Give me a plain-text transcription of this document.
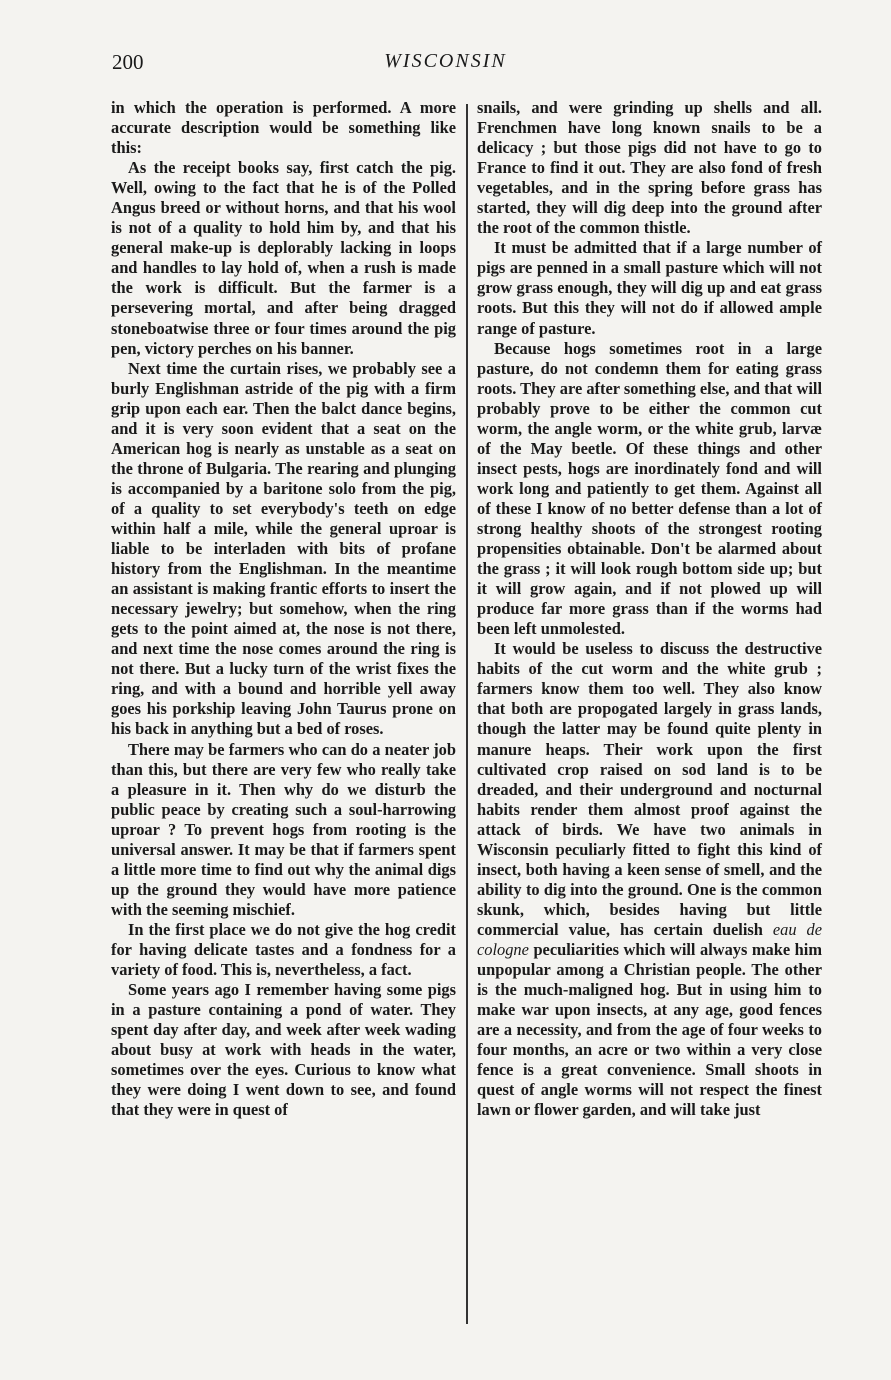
200	WISCONSIN

in which the operation is performed. A more accurate description would be something like this:

As the receipt books say, first catch the pig. Well, owing to the fact that he is of the Polled Angus breed or without horns, and that his wool is not of a quality to hold him by, and that his general make-up is deplorably lacking in loops and handles to lay hold of, when a rush is made the work is difficult. But the farmer is a persevering mortal, and after being dragged stoneboatwise three or four times around the pig pen, victory perches on his banner.

Next time the curtain rises, we probably see a burly Englishman astride of the pig with a firm grip upon each ear. Then the balct dance begins, and it is very soon evident that a seat on the American hog is nearly as unstable as a seat on the throne of Bulgaria. The rearing and plunging is accompanied by a baritone solo from the pig, of a quality to set everybody's teeth on edge within half a mile, while the general uproar is liable to be interladen with bits of profane history from the Englishman. In the meantime an assistant is making frantic efforts to insert the necessary jewelry; but somehow, when the ring gets to the point aimed at, the nose is not there, and next time the nose comes around the ring is not there. But a lucky turn of the wrist fixes the ring, and with a bound and horrible yell away goes his porkship leaving John Taurus prone on his back in anything but a bed of roses.

There may be farmers who can do a neater job than this, but there are very few who really take a pleasure in it. Then why do we disturb the public peace by creating such a soul-harrowing uproar ? To prevent hogs from rooting is the universal answer. It may be that if farmers spent a little more time to find out why the animal digs up the ground they would have more patience with the seeming mischief.

In the first place we do not give the hog credit for having delicate tastes and a fondness for a variety of food. This is, nevertheless, a fact.

Some years ago I remember having some pigs in a pasture containing a pond of water. They spent day after day, and week after week wading about busy at work with heads in the water, sometimes over the eyes. Curious to know what they were doing I went down to see, and found that they were in quest of

snails, and were grinding up shells and all. Frenchmen have long known snails to be a delicacy ; but those pigs did not have to go to France to find it out. They are also fond of fresh vegetables, and in the spring before grass has started, they will dig deep into the ground after the root of the common thistle.

It must be admitted that if a large number of pigs are penned in a small pasture which will not grow grass enough, they will dig up and eat grass roots. But this they will not do if allowed ample range of pasture.

Because hogs sometimes root in a large pasture, do not condemn them for eating grass roots. They are after something else, and that will probably prove to be either the common cut worm, the angle worm, or the white grub, larvæ of the May beetle. Of these things and other insect pests, hogs are inordinately fond and will work long and patiently to get them. Against all of these I know of no better defense than a lot of strong healthy shoots of the strongest rooting propensities obtainable. Don't be alarmed about the grass ; it will look rough bottom side up; but it will grow again, and if not plowed up will produce far more grass than if the worms had been left unmolested.

It would be useless to discuss the destructive habits of the cut worm and the white grub ; farmers know them too well. They also know that both are propogated largely in grass lands, though the latter may be found quite plenty in manure heaps. Their work upon the first cultivated crop raised on sod land is to be dreaded, and their underground and nocturnal habits render them almost proof against the attack of birds. We have two animals in Wisconsin peculiarly fitted to fight this kind of insect, both having a keen sense of smell, and the ability to dig into the ground. One is the common skunk, which, besides having but little commercial value, has certain duelish eau de cologne peculiarities which will always make him unpopular among a Christian people. The other is the much-maligned hog. But in using him to make war upon insects, at any age, good fences are a necessity, and from the age of four weeks to four months, an acre or two within a very close fence is a great convenience. Small shoots in quest of angle worms will not respect the finest lawn or flower garden, and will take just
